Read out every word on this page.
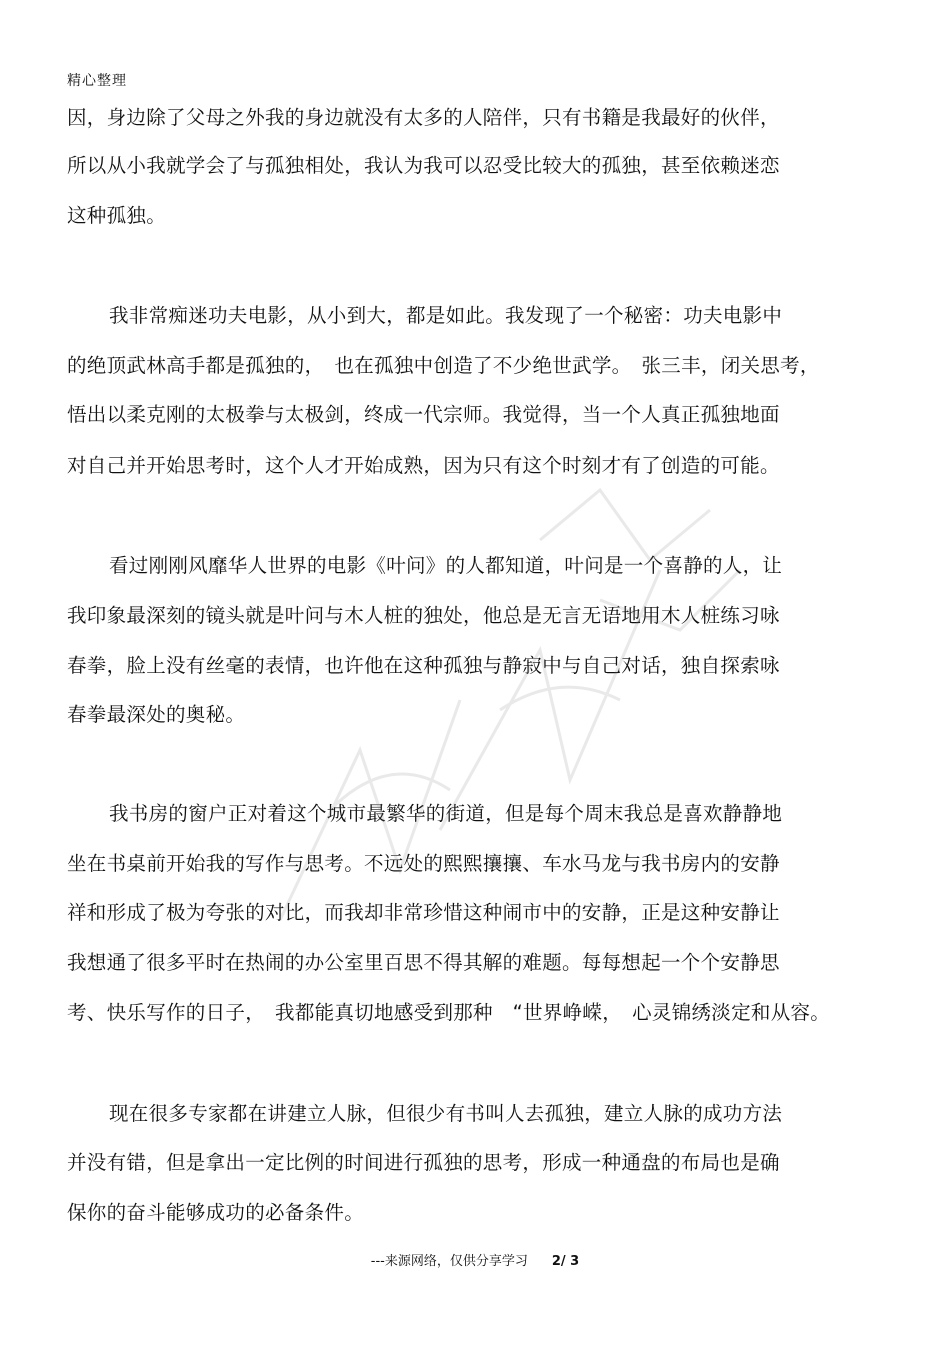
精心整理
因，身边除了父母之外我的身边就没有太多的人陪伴，只有书籍是我最好的伙伴，
所以从小我就学会了与孤独相处，我认为我可以忍受比较大的孤独，甚至依赖迷恋
这种孤独。
我非常痴迷功夫电影，从小到大，都是如此。我发现了一个秘密：功夫电影中
的绝顶武林高手都是孤独的，　也在孤独中创造了不少绝世武学。　张三丰，闭关思考，
悟出以柔克刚的太极拳与太极剑，终成一代宗师。我觉得，当一个人真正孤独地面
对自己并开始思考时，这个人才开始成熟，因为只有这个时刻才有了创造的可能。
看过刚刚风靡华人世界的电影《叶问》的人都知道，叶问是一个喜静的人，让
我印象最深刻的镜头就是叶问与木人桩的独处，他总是无言无语地用木人桩练习咏
春拳，脸上没有丝毫的表情，也许他在这种孤独与静寂中与自己对话，独自探索咏
春拳最深处的奥秘。
我书房的窗户正对着这个城市最繁华的街道，但是每个周末我总是喜欢静静地
坐在书桌前开始我的写作与思考。不远处的熙熙攘攘、车水马龙与我书房内的安静
祥和形成了极为夸张的对比，而我却非常珍惜这种闹市中的安静，正是这种安静让
我想通了很多平时在热闹的办公室里百思不得其解的难题。每每想起一个个安静思
考、快乐写作的日子，　我都能真切地感受到那种　“世界峥嵘，　心灵锦绣淡定和从容。
现在很多专家都在讲建立人脉，但很少有书叫人去孤独，建立人脉的成功方法
并没有错，但是拿出一定比例的时间进行孤独的思考，形成一种通盘的布局也是确
保你的奋斗能够成功的必备条件。
---来源网络，仅供分享学习 2/ 3
